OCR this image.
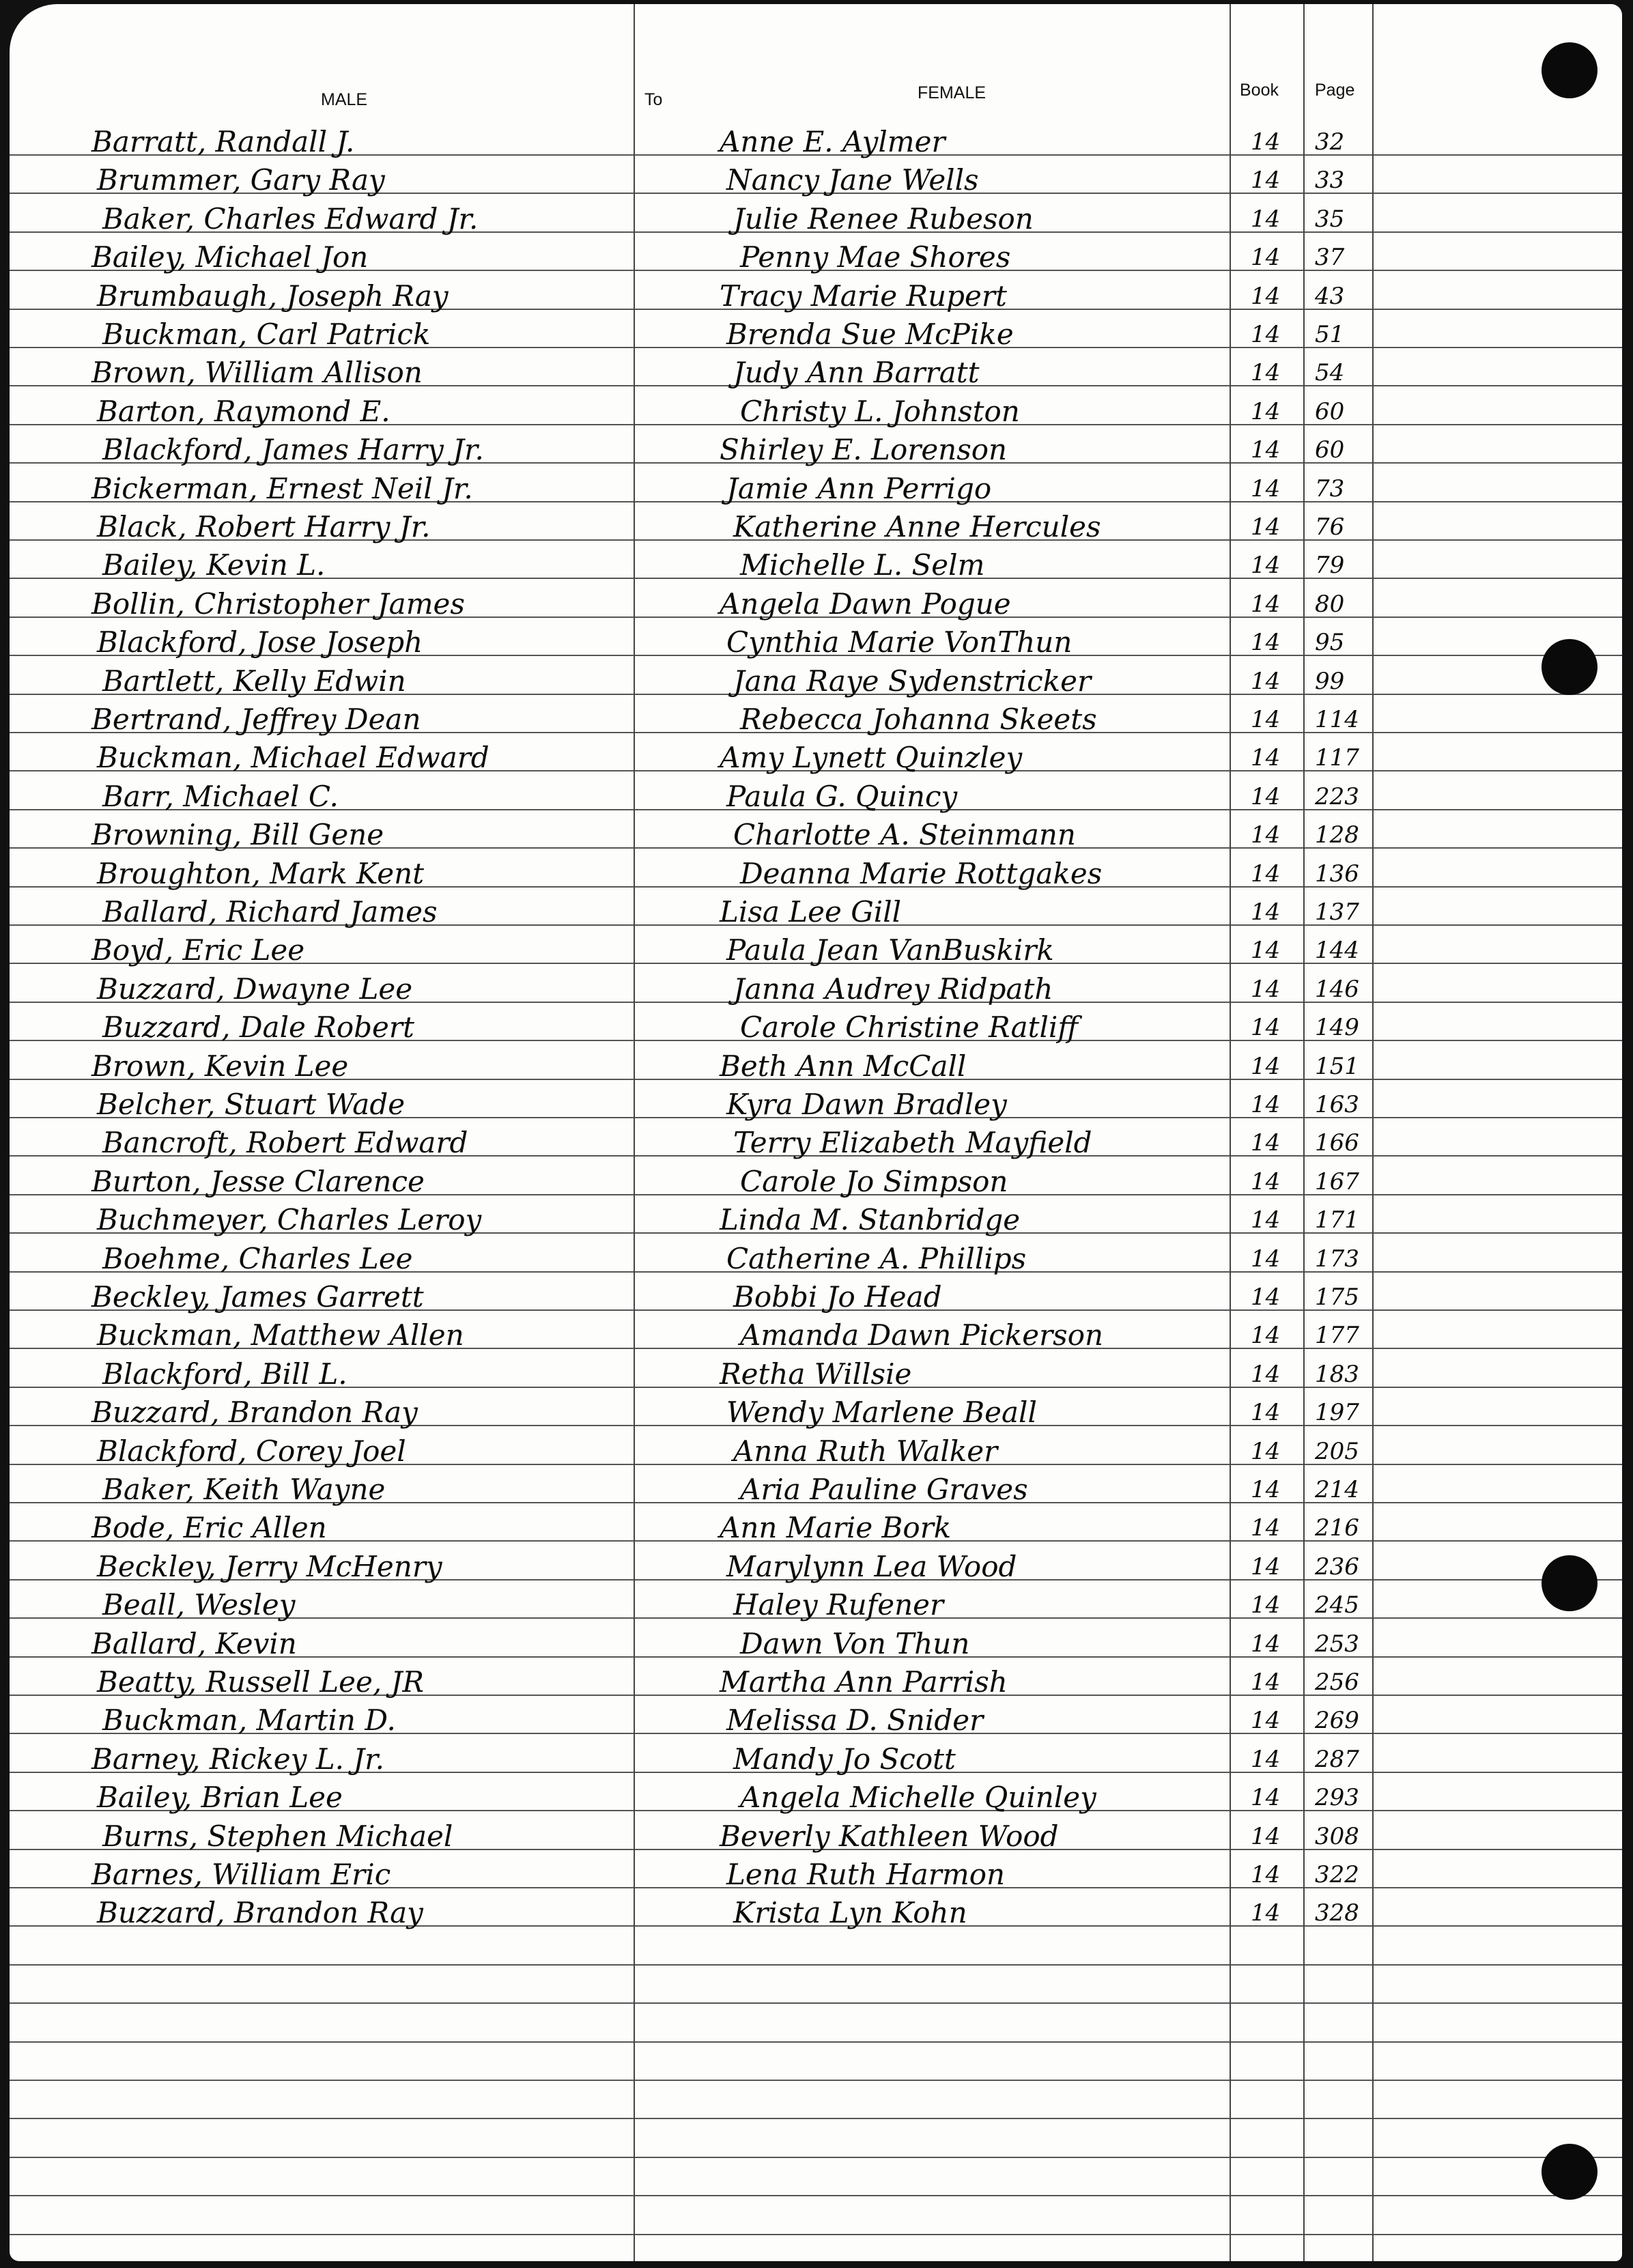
MALE	To	FEMALE	Book Page
Barratt, Randall J.	Anne E. Aylmer	14 32
Brummer, Gary Ray	Nancy Jane Wells	14 33
Baker, Charles Edward Jr.	Julie Renee Rubeson	14 35
Bailey, Michael Jon	Penny Mae Shores	14 37
Brumbaugh, Joseph Ray	Tracy Marie Rupert	14 43
Buckman, Carl Patrick	Brenda Sue McPike	14 51
Brown, William Allison	Judy Ann Barratt	14 54
Barton, Raymond E.	Christy L. Johnston	14 60
Blackford, James Harry Jr.	Shirley E. Lorenson	14 60
Bickerman, Ernest Neil Jr.	Jamie Ann Perrigo	14 73
Black, Robert Harry Jr.	Katherine Anne Hercules	14 76
Bailey, Kevin L.	Michelle L. Selm	14 79
Bollin, Christopher James	Angela Dawn Pogue	14 80
Blackford, Jose Joseph	Cynthia Marie VonThun	14 95
Bartlett, Kelly Edwin	Jana Raye Sydenstricker	14 99
Bertrand, Jeffrey Dean	Rebecca Johanna Skeets	14 114
Buckman, Michael Edward	Amy Lynett Quinzley	14 117
Barr, Michael C.	Paula G. Quincy	14 223
Browning, Bill Gene	Charlotte A. Steinmann	14 128
Broughton, Mark Kent	Deanna Marie Rottgakes	14 136
Ballard, Richard James	Lisa Lee Gill	14 137
Boyd, Eric Lee	Paula Jean VanBuskirk	14 144
Buzzard, Dwayne Lee	Janna Audrey Ridpath	14 146
Buzzard, Dale Robert	Carole Christine Ratliff	14 149
Brown, Kevin Lee	Beth Ann McCall	14 151
Belcher, Stuart Wade	Kyra Dawn Bradley	14 163
Bancroft, Robert Edward	Terry Elizabeth Mayfield	14 166
Burton, Jesse Clarence	Carole Jo Simpson	14 167
Buchmeyer, Charles Leroy	Linda M. Stanbridge	14 171
Boehme, Charles Lee	Catherine A. Phillips	14 173
Beckley, James Garrett	Bobbi Jo Head	14 175
Buckman, Matthew Allen	Amanda Dawn Pickerson	14 177
Blackford, Bill L.	Retha Willsie	14 183
Buzzard, Brandon Ray	Wendy Marlene Beall	14 197
Blackford, Corey Joel	Anna Ruth Walker	14 205
Baker, Keith Wayne	Aria Pauline Graves	14 214
Bode, Eric Allen	Ann Marie Bork	14 216
Beckley, Jerry McHenry	Marylynn Lea Wood	14 236
Beall, Wesley	Haley Rufener	14 245
Ballard, Kevin	Dawn Von Thun	14 253
Beatty, Russell Lee, JR	Martha Ann Parrish	14 256
Buckman, Martin D.	Melissa D. Snider	14 269
Barney, Rickey L. Jr.	Mandy Jo Scott	14 287
Bailey, Brian Lee	Angela Michelle Quinley	14 293
Burns, Stephen Michael	Beverly Kathleen Wood	14 308
Barnes, William Eric	Lena Ruth Harmon	14 322
Buzzard, Brandon Ray	Krista Lyn Kohn	14 328
